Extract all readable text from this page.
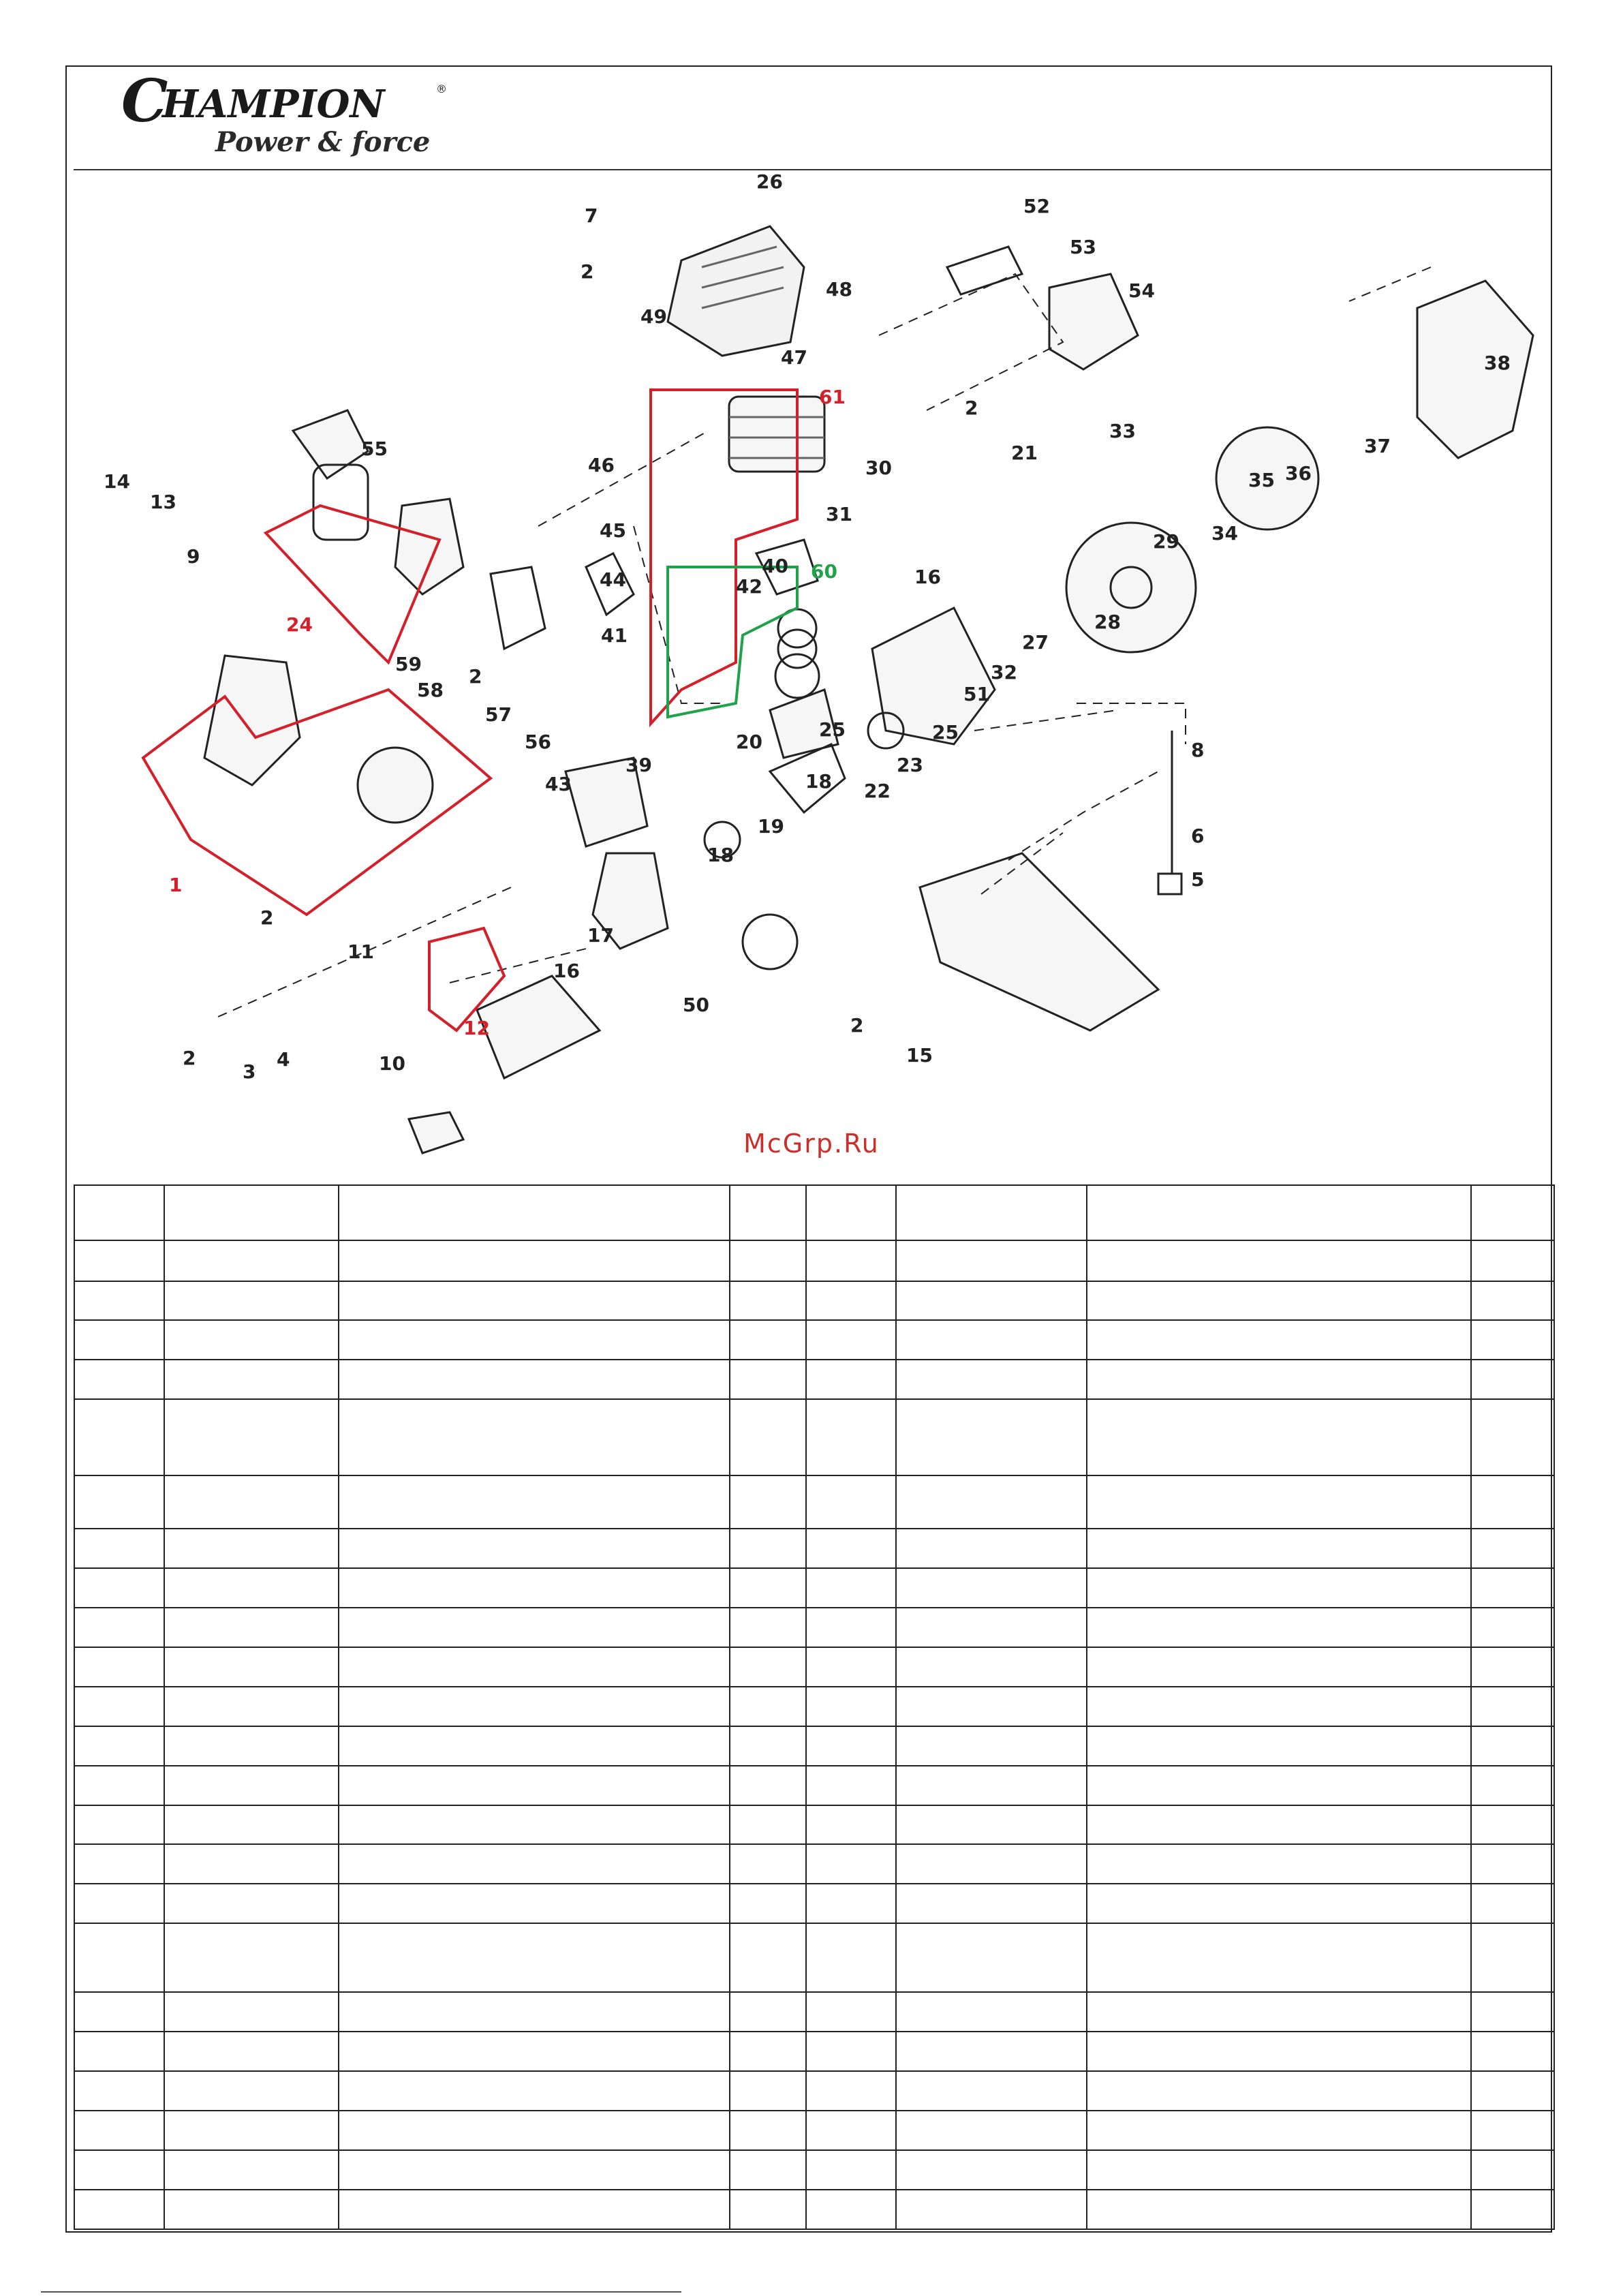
C
HAMPION	®
Power & force
26
7
2
48
49
47
52
53
54
21
2
46
45
44
40
42
41
39
20
31
30
16
27
28
32
51
25
25
23
22
18
19
18
43
17
16
14
13
9
55
59
58
2
57
56
2
11
3
4
2	10
33
29 34
35 36
37
38
8
6
5
50
2
15
61
24
1
12
60
McGrp.Ru
